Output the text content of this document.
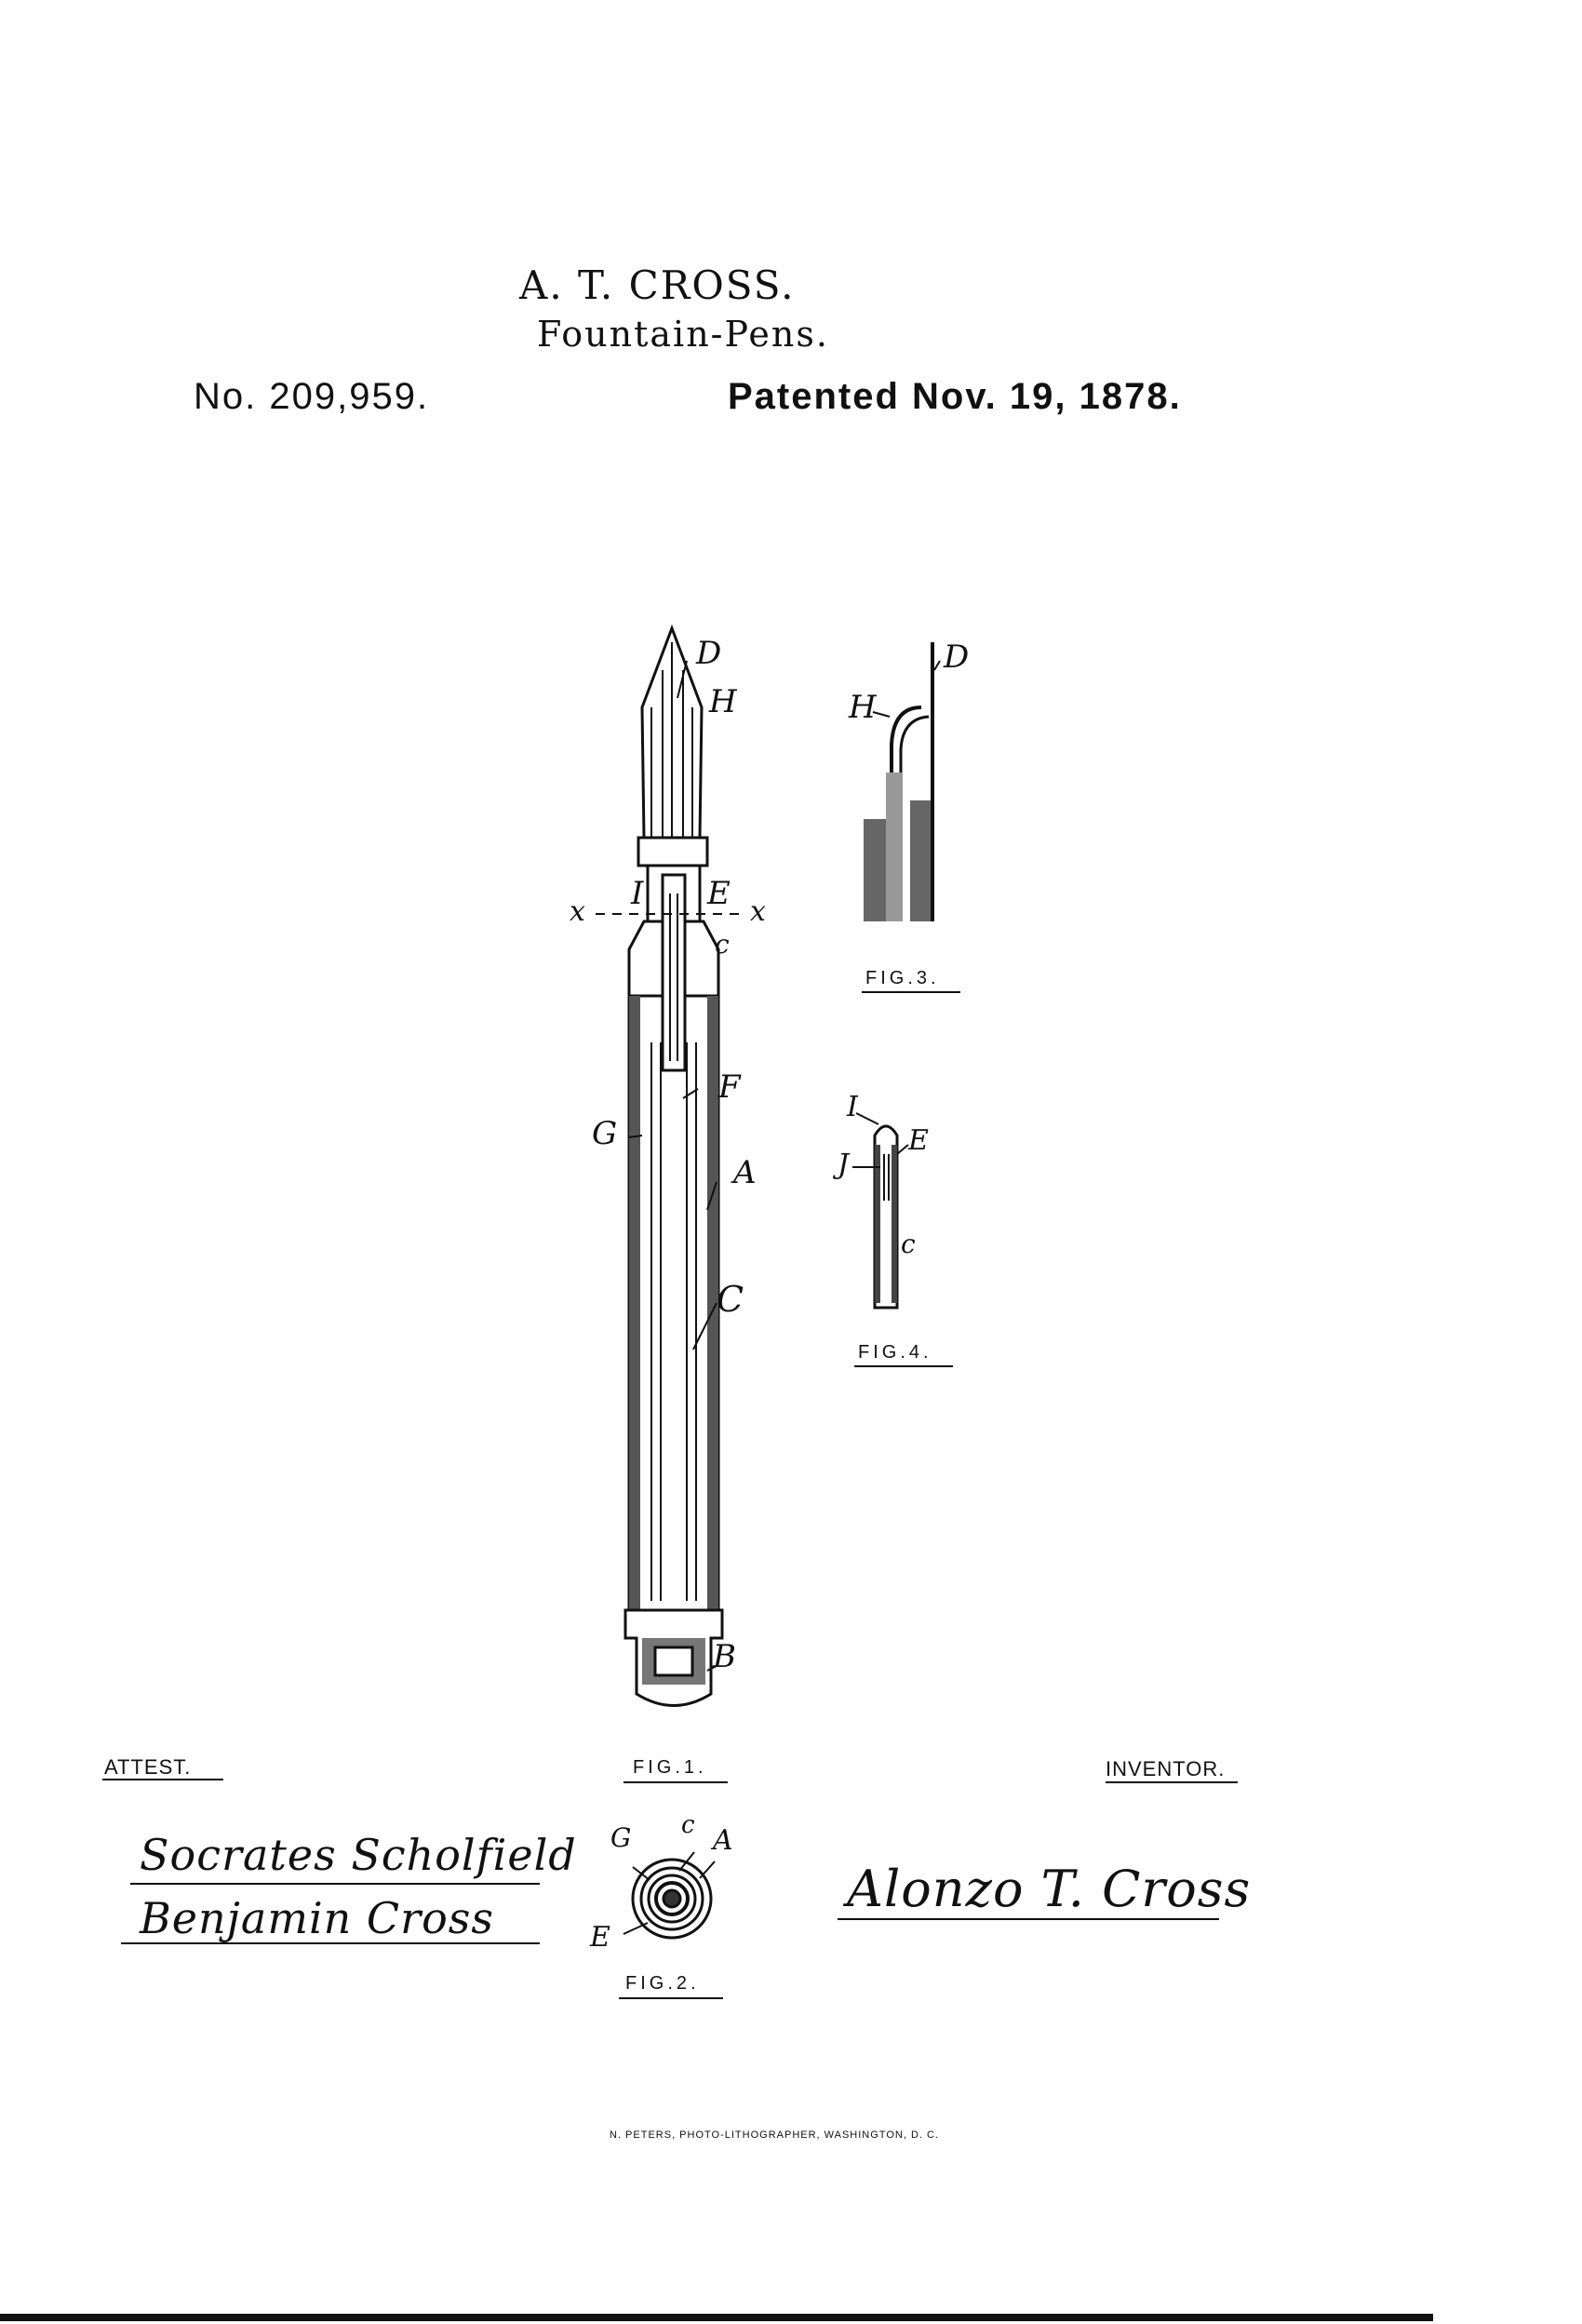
A. T. CROSS.
Fountain-Pens.
No. 209,959.	Patented Nov. 19, 1878.
D
H
I E
x	x
c
F
G
A
C
B
D
H
I
E
J
c
G c A
E
FIG.3.
FIG.4.
FIG.1.
FIG.2.
ATTEST.	INVENTOR.
Socrates Scholfield
Benjamin Cross	Alonzo T. Cross
N. PETERS, PHOTO-LITHOGRAPHER, WASHINGTON, D. C.
